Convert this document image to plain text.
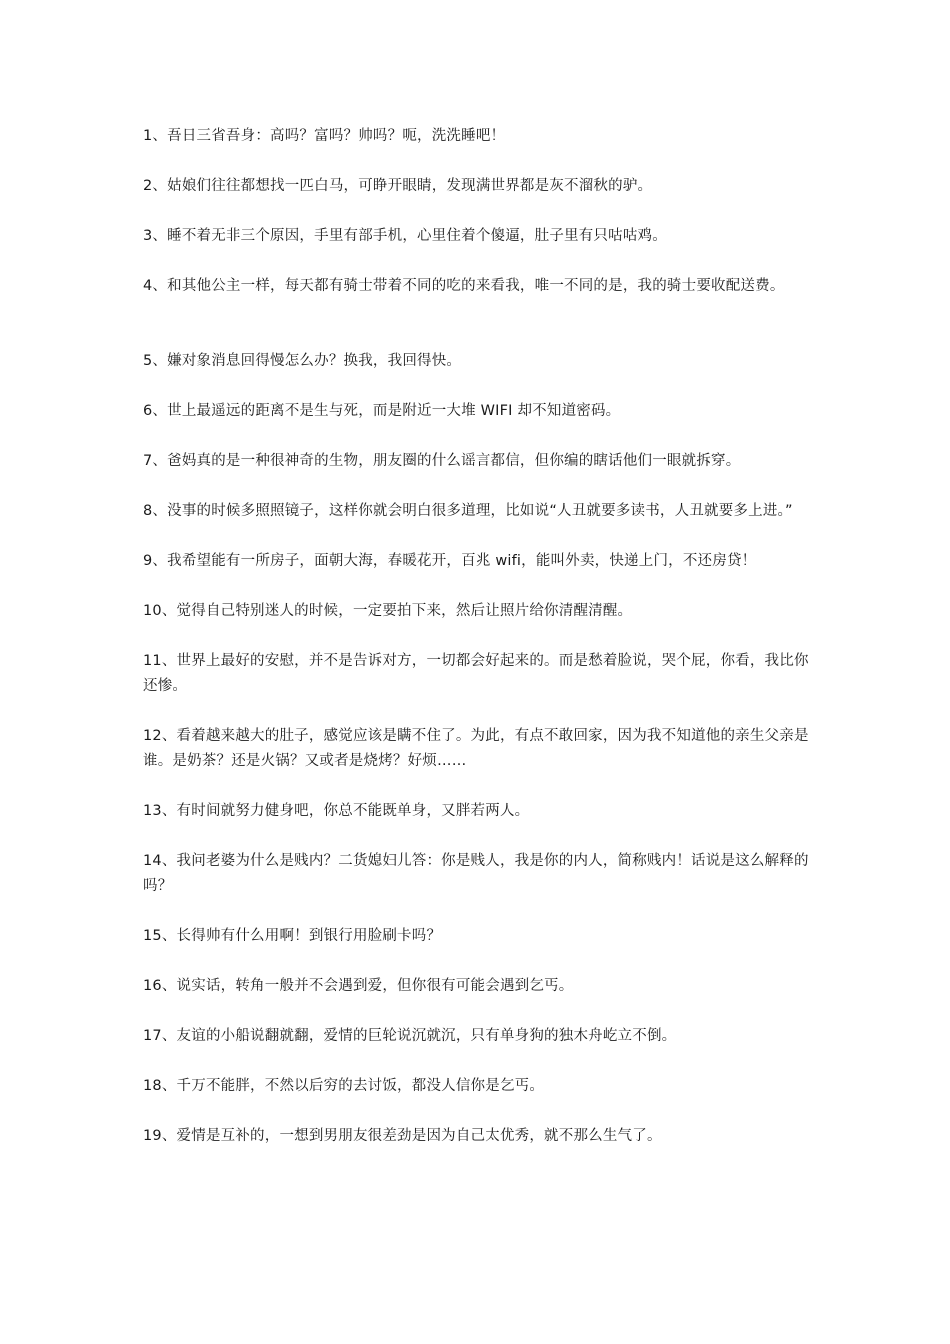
1、吾日三省吾身：高吗？富吗？帅吗？呃，洗洗睡吧！

2、姑娘们往往都想找一匹白马，可睁开眼睛，发现满世界都是灰不溜秋的驴。

3、睡不着无非三个原因，手里有部手机，心里住着个傻逼，肚子里有只咕咕鸡。

4、和其他公主一样，每天都有骑士带着不同的吃的来看我，唯一不同的是，我的骑士要收配送费。

5、嫌对象消息回得慢怎么办？换我，我回得快。

6、世上最遥远的距离不是生与死，而是附近一大堆 WIFI 却不知道密码。

7、爸妈真的是一种很神奇的生物，朋友圈的什么谣言都信，但你编的瞎话他们一眼就拆穿。

8、没事的时候多照照镜子，这样你就会明白很多道理，比如说“人丑就要多读书，人丑就要多上进。”

9、我希望能有一所房子，面朝大海，春暖花开，百兆 wifi，能叫外卖，快递上门，不还房贷！

10、觉得自己特别迷人的时候，一定要拍下来，然后让照片给你清醒清醒。

11、世界上最好的安慰，并不是告诉对方，一切都会好起来的。而是愁着脸说，哭个屁，你看，我比你还惨。

12、看着越来越大的肚子，感觉应该是瞒不住了。为此，有点不敢回家，因为我不知道他的亲生父亲是谁。是奶茶？还是火锅？又或者是烧烤？好烦……

13、有时间就努力健身吧，你总不能既单身，又胖若两人。

14、我问老婆为什么是贱内？二货媳妇儿答：你是贱人，我是你的内人，简称贱内！话说是这么解释的吗？

15、长得帅有什么用啊！到银行用脸刷卡吗？

16、说实话，转角一般并不会遇到爱，但你很有可能会遇到乞丐。

17、友谊的小船说翻就翻，爱情的巨轮说沉就沉，只有单身狗的独木舟屹立不倒。

18、千万不能胖，不然以后穷的去讨饭，都没人信你是乞丐。

19、爱情是互补的，一想到男朋友很差劲是因为自己太优秀，就不那么生气了。
